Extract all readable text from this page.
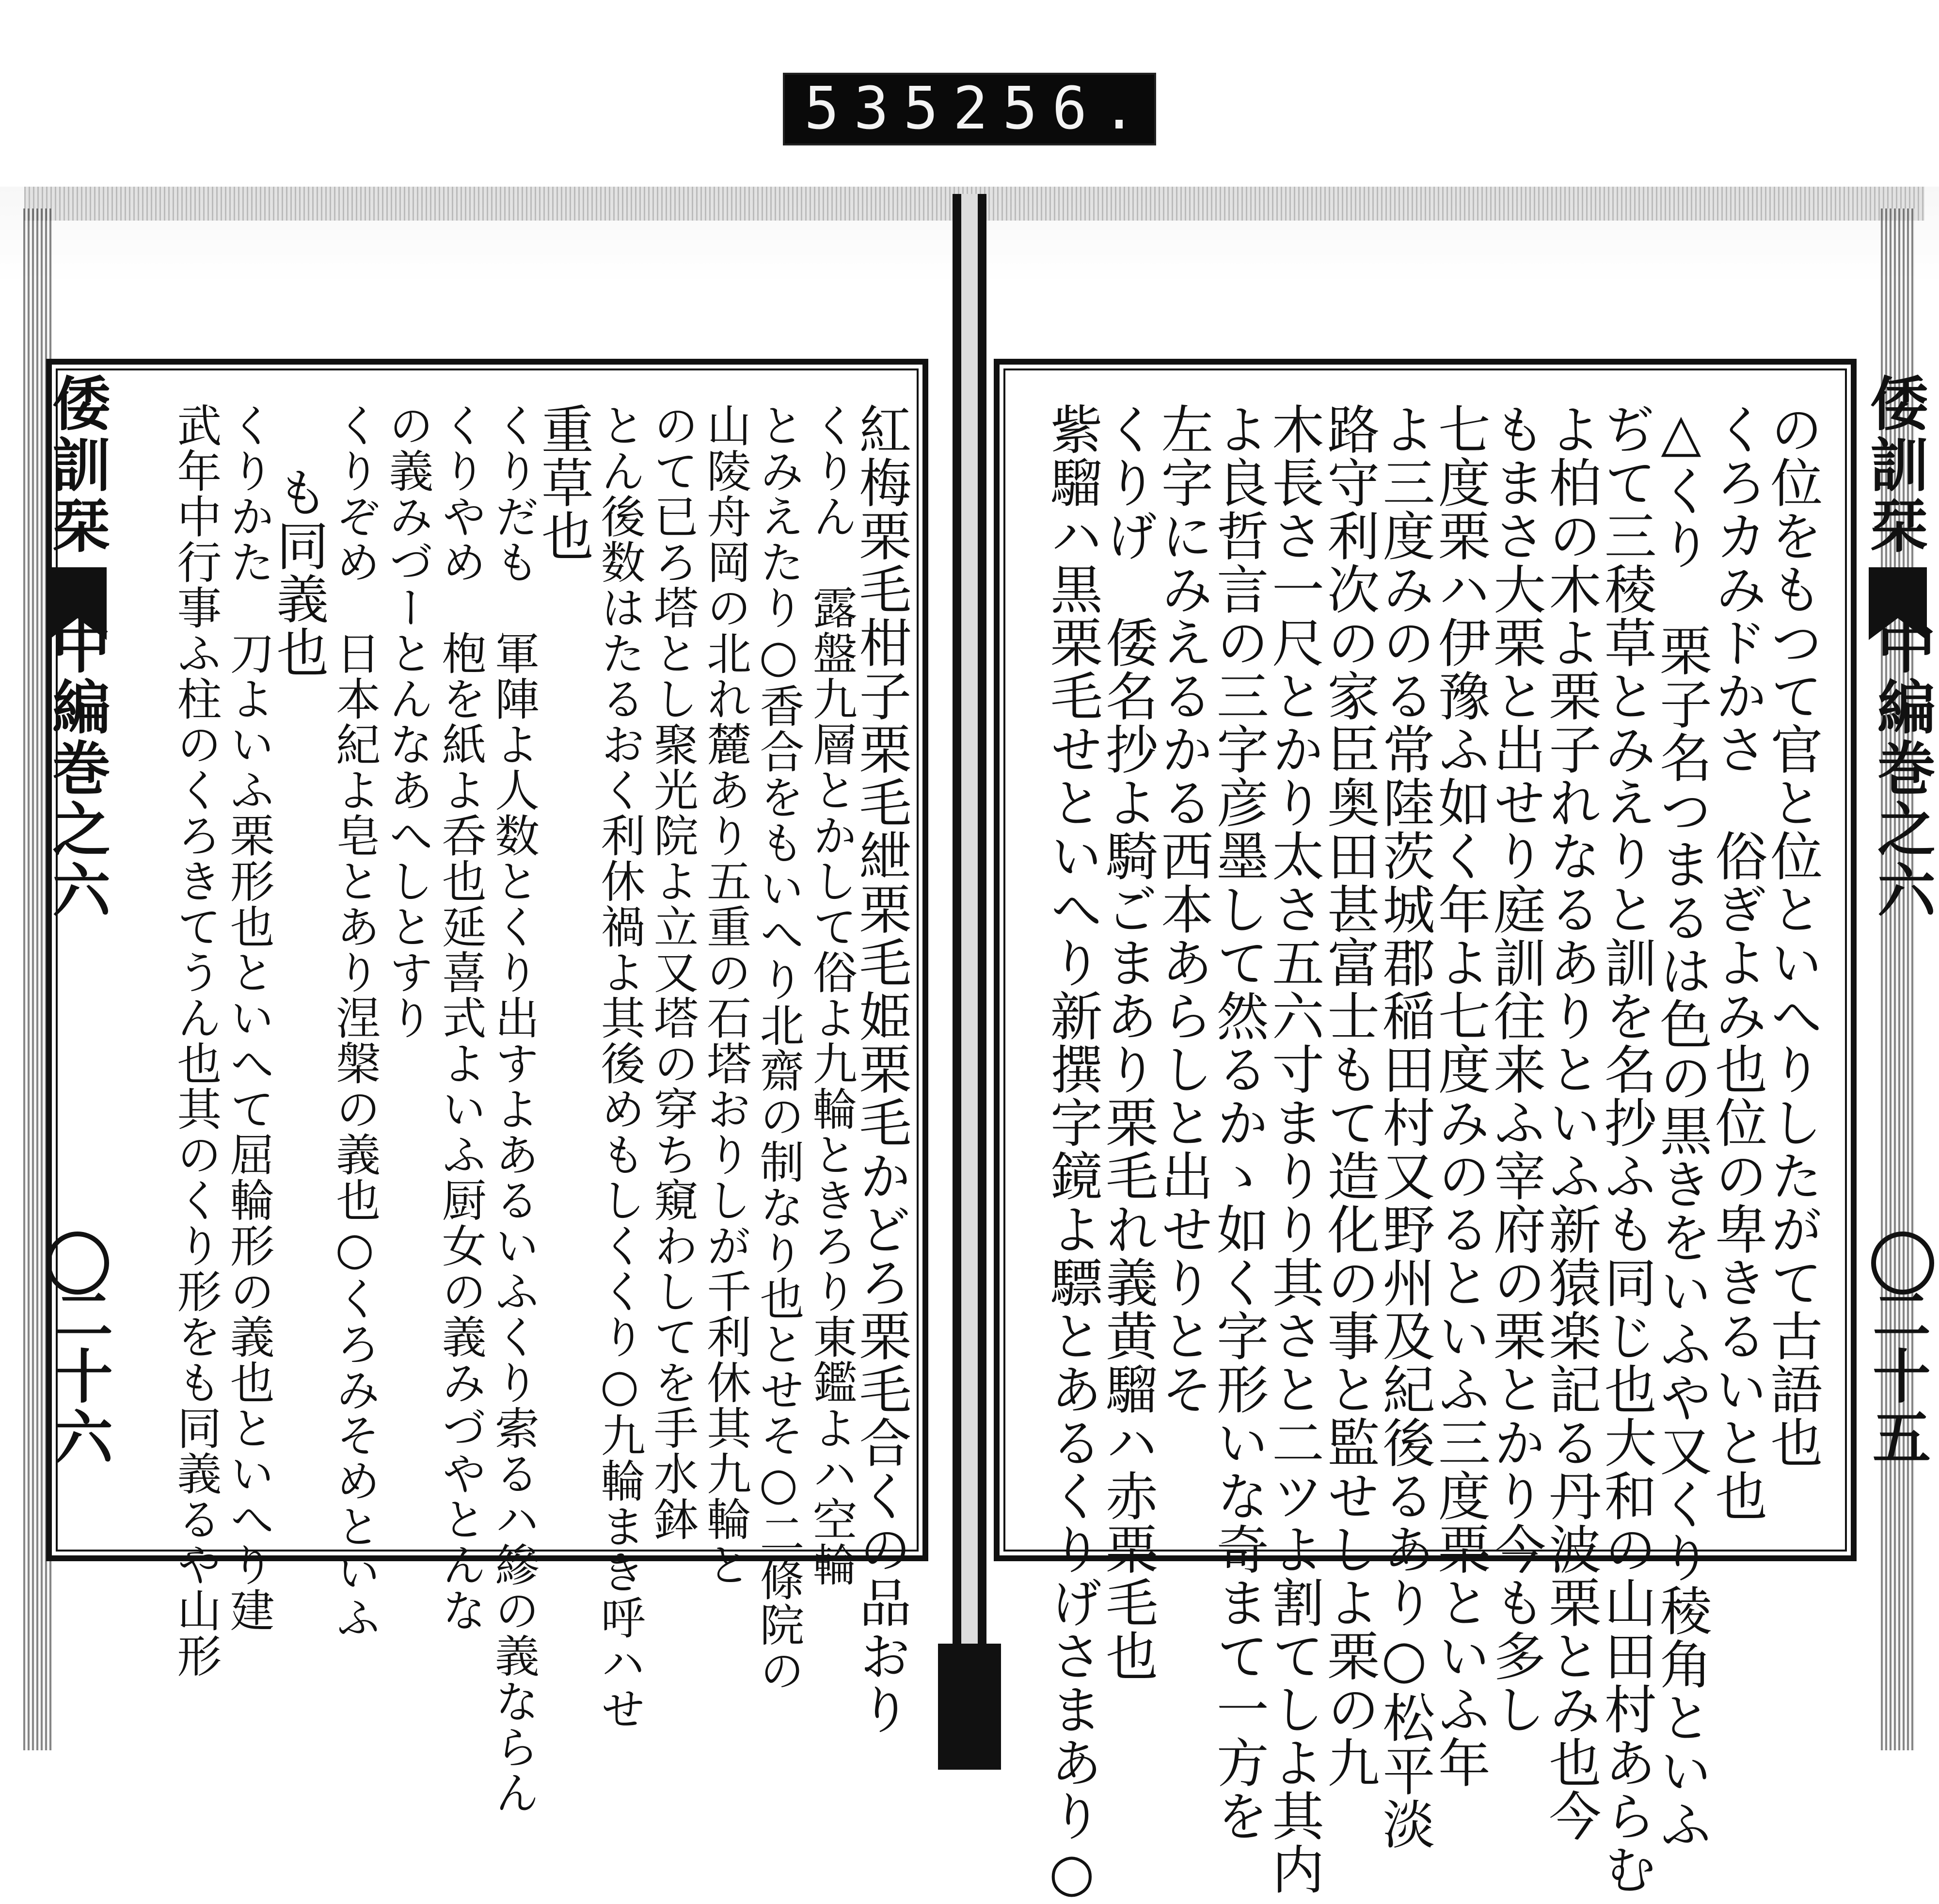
535 256.
倭訓栞
中編巻之六
二十五
の位をもつて官と位といへりしたがて古語也
くろカみドかさ　俗ぎよみ也位の卑きるいと也
△くり　栗子名つまるは色の黒きをいふや又くり稜角といふ
ぢて三稜草とみえりと訓を名抄ふも同じ也大和の山田村あらむ
よ柏の木よ栗子れなるありといふ新猿楽記る丹波栗とみ也今
もまさ大栗と出せり庭訓往来ふ宰府の栗とかり今も多し
七度栗ハ伊豫ふ如く年よ七度みのるといふ三度栗といふ年
よ三度みのる常陸茨城郡稲田村又野州及紀後るあり○松平淡
路守利次の家臣奥田甚富士もて造化の事と監せしよ栗の九
木長さ一尺とかり太さ五六寸まりり其さと二ツよ割てしよ其内
よ良哲言の三字彦墨して然るかゝ如く字形いな奇まて一方を
左字にみえるかる西本あらしと出せりとそ
くりげ　倭名抄よ騎ごまあり栗毛れ義黄騮ハ赤栗毛也
紫騮ハ黒栗毛せといへり新撰字鏡よ驃とあるくりげさまあり○
倭訓栞
中編巻之六
二十六	紅梅栗毛柑子栗毛紲栗毛姫栗毛かどろ栗毛合くの品おり
くりん　露盤九層とかして俗よ九輪ときろり東鑑よハ空輪
とみえたり○香合をもいへり北齋の制なり也とせそ○二條院の
山陵舟岡の北れ麓あり五重の石塔おりしが千利休其九輪と
のて已ろ塔とし聚光院よ立又塔の穿ち窺わしてを手水鉢
とん後数はたるおく利休禍よ其後めもしくくり○九輪まき呼ハせ
重草也
くりだも　軍陣よ人数とくり出すよあるいふくり索るハ縿の義ならん
くりやめ　枹を紙よ呑也延喜式よいふ厨女の義みづやとんな
の義みづーとんなあへしとすり
くりぞめ　日本紀よ皂とあり涅槃の義也○くろみそめといふ
も同義也
くりかた　刀よいふ栗形也といへて屈輪形の義也といへり建
武年中行事ふ柱のくろきてうん也其のくり形をも同義るや山形
